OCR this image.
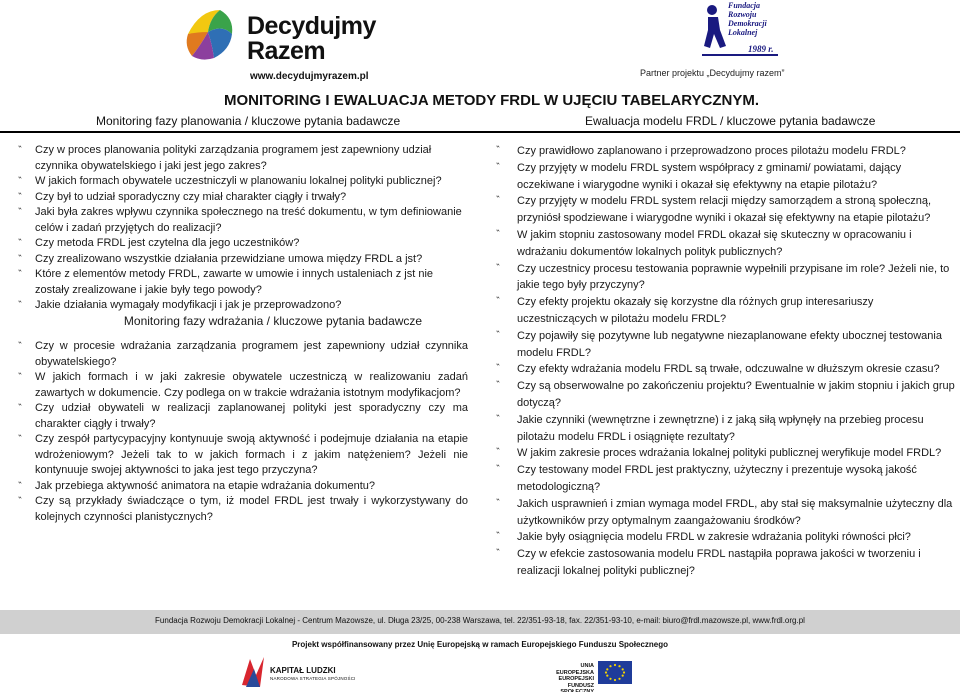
Decydujmy
Razem
www.decydujmyrazem.pl
Fundacja Rozwoju
Demokracji Lokalnej
1989 r.
Partner projektu „Decydujmy razem”
MONITORING I EWALUACJA METODY FRDL W UJĘCIU TABELARYCZNYM.
Monitoring fazy planowania / kluczowe pytania badawcze	Ewaluacja modelu FRDL / kluczowe pytania badawcze
‶ Czy w proces planowania polityki zarządzania programem jest zapewniony udział czynnika obywatelskiego i jaki jest jego zakres?
‶ W jakich formach obywatele uczestniczyli w planowaniu lokalnej polityki publicznej?
‶ Czy był to udział sporadyczny czy miał charakter ciągły i trwały?
‶ Jaki była zakres wpływu czynnika społecznego na treść dokumentu, w tym definiowanie celów i zadań przyjętych do realizacji?
‶ Czy metoda FRDL jest czytelna dla jego uczestników?
‶ Czy zrealizowano wszystkie działania przewidziane umowa między FRDL a jst?
‶ Które z elementów metody FRDL, zawarte w umowie i innych ustaleniach z jst nie zostały zrealizowane i jakie były tego powody?
‶ Jakie działania wymagały modyfikacji i jak je przeprowadzono?
Monitoring fazy wdrażania / kluczowe pytania badawcze
‶ Czy w procesie wdrażania zarządzania programem jest zapewniony udział czynnika obywatelskiego?
‶ W jakich formach i w jaki zakresie obywatele uczestniczą w realizowaniu zadań zawartych w dokumencie. Czy podlega on w trakcie wdrażania istotnym modyfikacjom?
‶ Czy udział obywateli w realizacji zaplanowanej polityki jest sporadyczny czy ma charakter ciągły i trwały?
‶ Czy zespół partycypacyjny kontynuuje swoją aktywność i podejmuje działania na etapie wdrożeniowym? Jeżeli tak to w jakich formach i z jakim natężeniem? Jeżeli nie kontynuuje swojej aktywności to jaka jest tego przyczyna?
‶ Jak przebiega aktywność animatora na etapie wdrażania dokumentu?
‶ Czy są przykłady świadczące o tym, iż model FRDL jest trwały i wykorzystywany do kolejnych czynności planistycznych?
‶ Czy prawidłowo zaplanowano i przeprowadzono proces pilotażu modelu FRDL?
‶ Czy przyjęty w modelu FRDL system współpracy z gminami/ powiatami, dający oczekiwane i wiarygodne wyniki i okazał się efektywny na etapie pilotażu?
‶ Czy przyjęty w modelu FRDL system relacji między samorządem a stroną społeczną, przyniósł spodziewane i wiarygodne wyniki i okazał się efektywny na etapie pilotażu?
‶ W jakim stopniu zastosowany model FRDL okazał się skuteczny w opracowaniu i wdrażaniu dokumentów lokalnych polityk publicznych?
‶ Czy uczestnicy procesu testowania poprawnie wypełnili przypisane im role? Jeżeli nie, to jakie tego były przyczyny?
‶ Czy efekty projektu okazały się korzystne dla różnych grup interesariuszy uczestniczących w pilotażu modelu FRDL?
‶ Czy pojawiły się pozytywne lub negatywne niezaplanowane efekty ubocznej testowania modelu FRDL?
‶ Czy efekty wdrażania modelu FRDL są trwałe, odczuwalne w dłuższym okresie czasu?
‶ Czy są obserwowalne po zakończeniu projektu? Ewentualnie w jakim stopniu i jakich grup dotyczą?
‶ Jakie czynniki (wewnętrzne i zewnętrzne) i z jaką siłą wpłynęły na przebieg procesu pilotażu modelu FRDL i osiągnięte rezultaty?
‶ W jakim zakresie proces wdrażania lokalnej polityki publicznej weryfikuje model FRDL?
‶ Czy testowany model FRDL jest praktyczny, użyteczny i prezentuje wysoką jakość metodologiczną?
‶ Jakich usprawnień i zmian wymaga model FRDL, aby stał się maksymalnie użyteczny dla użytkowników przy optymalnym zaangażowaniu środków?
‶ Jakie były osiągnięcia modelu FRDL w zakresie wdrażania polityki równości płci?
‶ Czy w efekcie zastosowania modelu FRDL nastąpiła poprawa jakości w tworzeniu i realizacji lokalnej polityki publicznej?
Fundacja Rozwoju Demokracji Lokalnej - Centrum Mazowsze, ul. Długa 23/25, 00-238 Warszawa, tel. 22/351-93-18, fax. 22/351-93-10, e-mail: biuro@frdl.mazowsze.pl, www.frdl.org.pl
Projekt współfinansowany przez Unię Europejską w ramach Europejskiego Funduszu Społecznego
KAPITAŁ LUDZKI
NARODOWA STRATEGIA SPÓJNOŚCI
UNIA EUROPEJSKA
EUROPEJSKI
FUNDUSZ SPOŁECZNY
